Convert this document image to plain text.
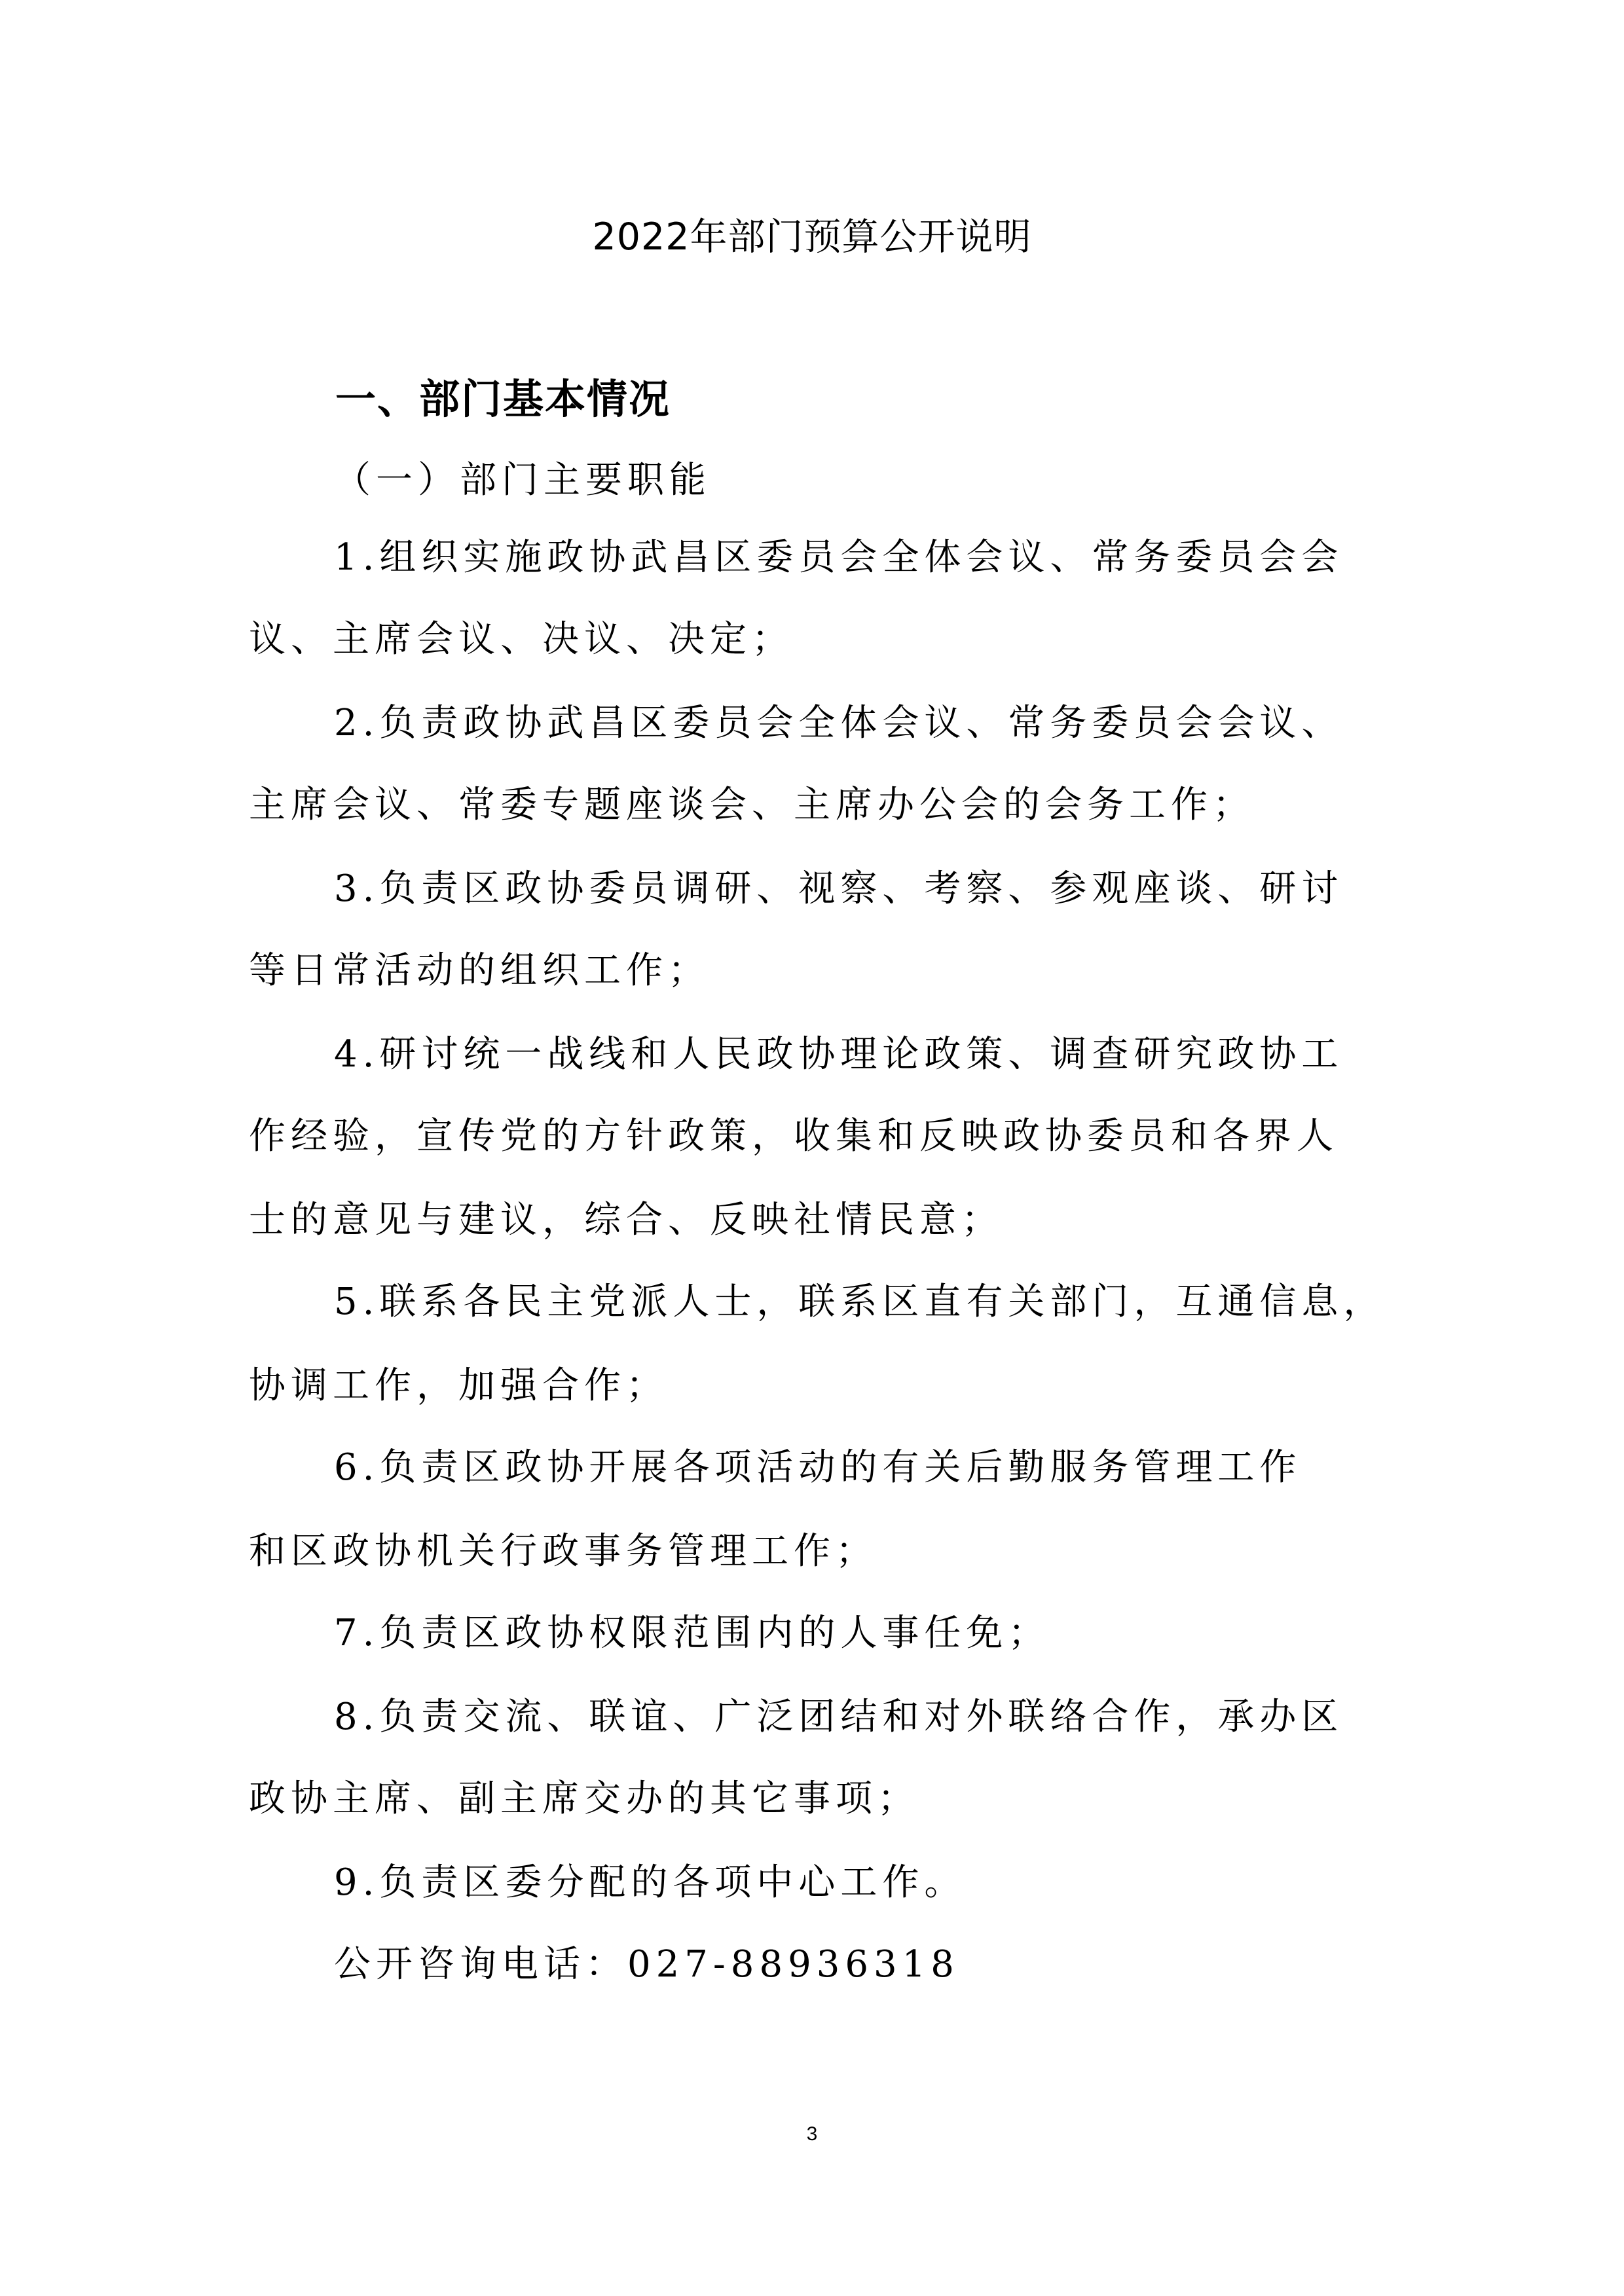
2022年部门预算公开说明
一、部门基本情况
（一）部门主要职能
1.组织实施政协武昌区委员会全体会议、常务委员会会
议、主席会议、决议、决定；
2.负责政协武昌区委员会全体会议、常务委员会会议、
主席会议、常委专题座谈会、主席办公会的会务工作；
3.负责区政协委员调研、视察、考察、参观座谈、研讨
等日常活动的组织工作；
4.研讨统一战线和人民政协理论政策、调查研究政协工
作经验，宣传党的方针政策，收集和反映政协委员和各界人
士的意见与建议，综合、反映社情民意；
5.联系各民主党派人士，联系区直有关部门，互通信息，
协调工作，加强合作；
6.负责区政协开展各项活动的有关后勤服务管理工作
和区政协机关行政事务管理工作；
7.负责区政协权限范围内的人事任免；
8.负责交流、联谊、广泛团结和对外联络合作，承办区
政协主席、副主席交办的其它事项；
9.负责区委分配的各项中心工作。
公开咨询电话：027-88936318
3
